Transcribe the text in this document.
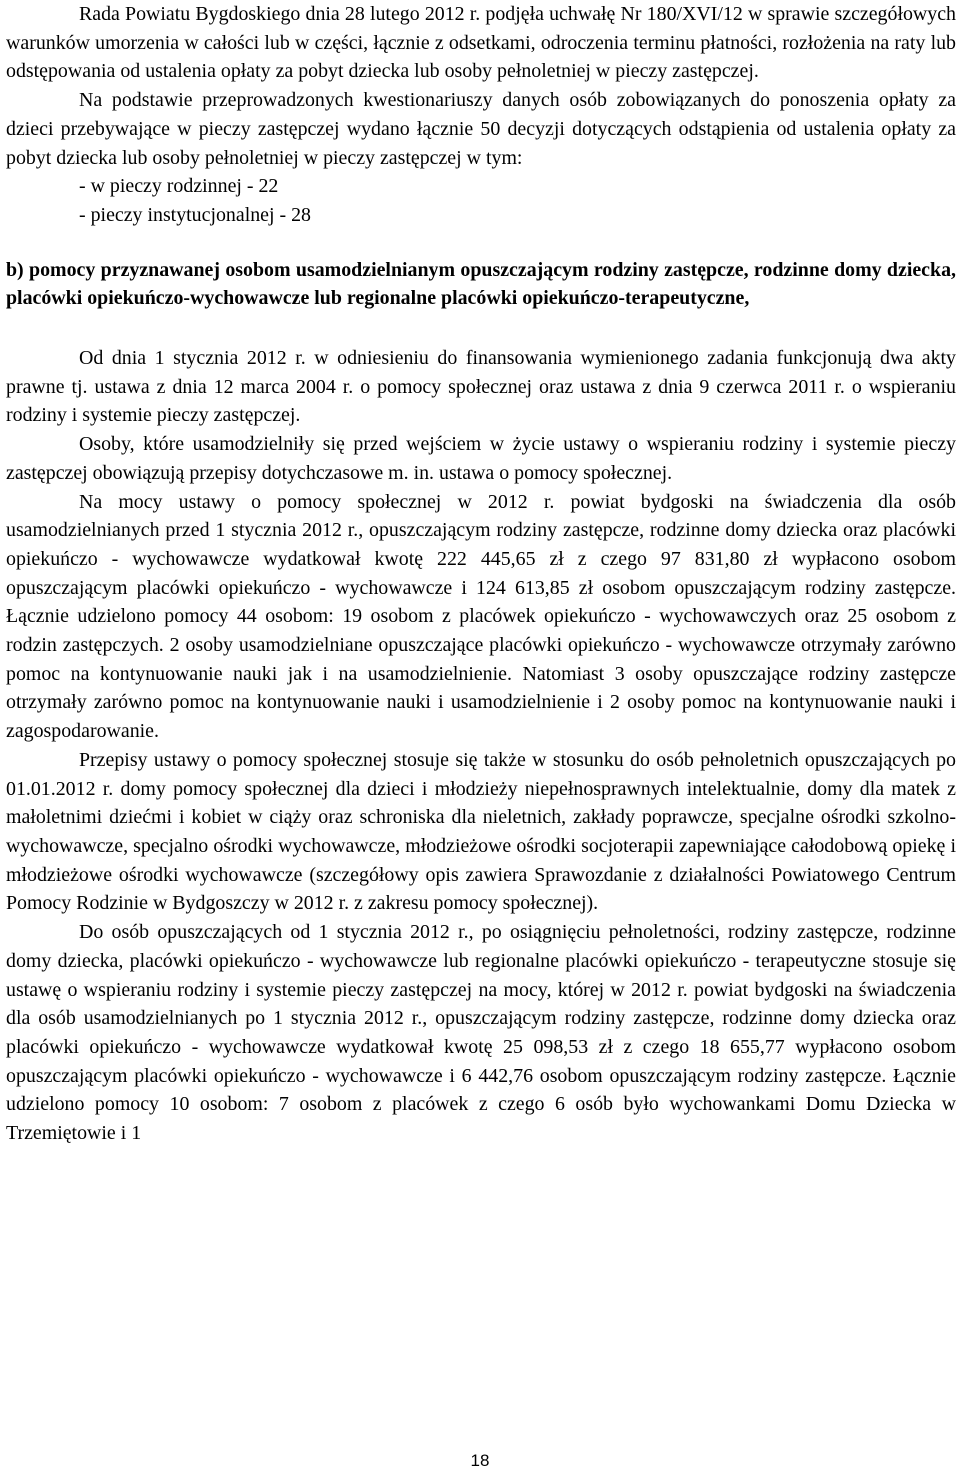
Rada Powiatu Bygdoskiego dnia 28 lutego 2012 r. podjęła uchwałę Nr 180/XVI/12 w sprawie szczegółowych warunków umorzenia w całości lub w części, łącznie z odsetkami, odroczenia terminu płatności, rozłożenia na raty lub odstępowania od ustalenia opłaty za pobyt dziecka lub osoby pełnoletniej w pieczy zastępczej.

Na podstawie przeprowadzonych kwestionariuszy danych osób zobowiązanych do ponoszenia opłaty za dzieci przebywające w pieczy zastępczej wydano łącznie 50 decyzji dotyczących odstąpienia od ustalenia opłaty za pobyt dziecka lub osoby pełnoletniej w pieczy zastępczej w tym:

- w pieczy rodzinnej - 22

- pieczy instytucjonalnej - 28

b) pomocy przyznawanej osobom usamodzielnianym opuszczającym rodziny zastępcze, rodzinne domy dziecka, placówki opiekuńczo-wychowawcze lub regionalne placówki opiekuńczo-terapeutyczne,

Od dnia 1 stycznia 2012 r. w odniesieniu do finansowania wymienionego zadania funkcjonują dwa akty prawne tj. ustawa z dnia 12 marca 2004 r. o pomocy społecznej oraz ustawa z dnia 9 czerwca 2011 r. o wspieraniu rodziny i systemie pieczy zastępczej.

Osoby, które usamodzielniły się przed wejściem w życie ustawy o wspieraniu rodziny i systemie pieczy zastępczej obowiązują przepisy dotychczasowe m. in. ustawa o pomocy społecznej.

Na mocy ustawy o pomocy społecznej w 2012 r. powiat bydgoski na świadczenia dla osób usamodzielnianych przed 1 stycznia 2012 r., opuszczającym rodziny zastępcze, rodzinne domy dziecka oraz placówki opiekuńczo - wychowawcze wydatkował kwotę 222 445,65 zł z czego 97 831,80 zł wypłacono osobom opuszczającym placówki opiekuńczo - wychowawcze i 124 613,85 zł osobom opuszczającym rodziny zastępcze. Łącznie udzielono pomocy 44 osobom: 19 osobom z placówek opiekuńczo - wychowawczych oraz 25 osobom z rodzin zastępczych. 2 osoby usamodzielniane opuszczające placówki opiekuńczo - wychowawcze otrzymały zarówno pomoc na kontynuowanie nauki jak i na usamodzielnienie. Natomiast 3 osoby opuszczające rodziny zastępcze otrzymały zarówno pomoc na kontynuowanie nauki i usamodzielnienie i 2 osoby pomoc na kontynuowanie nauki i zagospodarowanie.

Przepisy ustawy o pomocy społecznej stosuje się także w stosunku do osób pełnoletnich opuszczających po 01.01.2012 r. domy pomocy społecznej dla dzieci i młodzieży niepełnosprawnych intelektualnie, domy dla matek z małoletnimi dziećmi i kobiet w ciąży oraz schroniska dla nieletnich, zakłady poprawcze, specjalne ośrodki szkolno-wychowawcze, specjalno ośrodki wychowawcze, młodzieżowe ośrodki socjoterapii zapewniające całodobową opiekę i młodzieżowe ośrodki wychowawcze (szczegółowy opis zawiera Sprawozdanie z działalności Powiatowego Centrum Pomocy Rodzinie w Bydgoszczy w 2012 r. z zakresu pomocy społecznej).

Do osób opuszczających od 1 stycznia 2012 r., po osiągnięciu pełnoletności, rodziny zastępcze, rodzinne domy dziecka, placówki opiekuńczo - wychowawcze lub regionalne placówki opiekuńczo - terapeutyczne stosuje się ustawę o wspieraniu rodziny i systemie pieczy zastępczej na mocy, której w 2012 r. powiat bydgoski na świadczenia dla osób usamodzielnianych po 1 stycznia 2012 r., opuszczającym rodziny zastępcze, rodzinne domy dziecka oraz placówki opiekuńczo - wychowawcze wydatkował kwotę 25 098,53 zł z czego 18 655,77 wypłacono osobom opuszczającym placówki opiekuńczo - wychowawcze i 6 442,76 osobom opuszczającym rodziny zastępcze. Łącznie udzielono pomocy 10 osobom: 7 osobom z placówek z czego 6 osób było wychowankami Domu Dziecka w Trzemiętowie i 1

18
